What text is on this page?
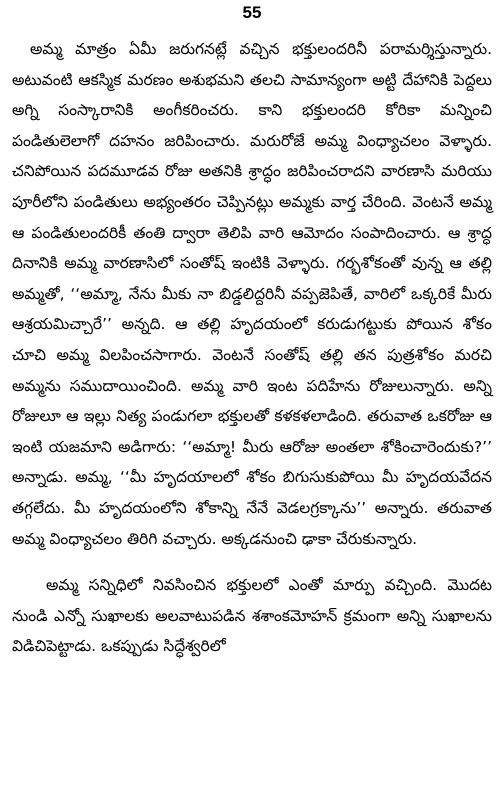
55

అమ్మ మాత్రం ఏమీ జరుగనట్లే వచ్చిన భక్తులందరినీ పరామర్శిస్తున్నారు. అటువంటి ఆకస్మిక మరణం అశుభమని తలచి సామాన్యంగా అట్టి దేహానికి పెద్దలు అగ్ని సంస్కారానికి అంగీకరించరు. కాని భక్తులందరి కోరికా మన్నించి పండితులెలాగో దహనం జరిపించారు. మరురోజే అమ్మ వింధ్యాచలం వెళ్ళారు. చనిపోయిన పదమూడవ రోజు అతనికి శ్రాద్ధం జరిపించరాదని వారణాసి మరియు పూరీలోని పండితులు అభ్యంతరం చెప్పినట్లు అమ్మకు వార్త చేరింది. వెంటనే అమ్మ ఆ పండితులందరికీ తంతి ద్వారా తెలిపి వారి ఆమోదం సంపాదించారు. ఆ శ్రాద్ధ దినానికి అమ్మ వారణాసిలో సంతోష్ ఇంటికి వెళ్ళారు. గర్భశోకంతో వున్న ఆ తల్లి అమ్మతో, ‘‘అమ్మా, నేను మీకు నా బిడ్డలిద్దరినీ వప్పజెపితే, వారిలో ఒక్కరికే మీరు ఆశ్రయమిచ్చారే’’ అన్నది. ఆ తల్లి హృదయంలో కరుడుగట్టుకు పోయిన శోకం చూచి అమ్మ విలపించసాగారు. వెంటనే సంతోష్ తల్లి తన పుత్రశోకం మరచి అమ్మను సముదాయించింది. అమ్మ వారి ఇంట పదిహేను రోజులున్నారు. అన్ని రోజులూ ఆ ఇల్లు నిత్య పండుగలా భక్తులతో కళకళలాడింది. తరువాత ఒకరోజు ఆ ఇంటి యజమాని అడిగారు: ‘‘అమ్మా! మీరు ఆరోజు అంతలా శోకించారెందుకు?’’ అన్నాడు. అమ్మ, ‘‘మీ హృదయాలలో శోకం బిగుసుకుపోయి మీ హృదయవేదన తగ్గలేదు. మీ హృదయంలోని శోకాన్ని నేనే వెడలగ్రక్కాను’’ అన్నారు. తరువాత అమ్మ వింధ్యాచలం తిరిగి వచ్చారు. అక్కడనుంచి ఢాకా చేరుకున్నారు.

అమ్మ సన్నిధిలో నివసించిన భక్తులలో ఎంతో మార్పు వచ్చింది. మొదట నుండి ఎన్నో సుఖాలకు అలవాటుపడిన శశాంకమోహన్ క్రమంగా అన్ని సుఖాలను విడిచిపెట్టాడు. ఒకప్పుడు సిద్ధేశ్వరిలో
